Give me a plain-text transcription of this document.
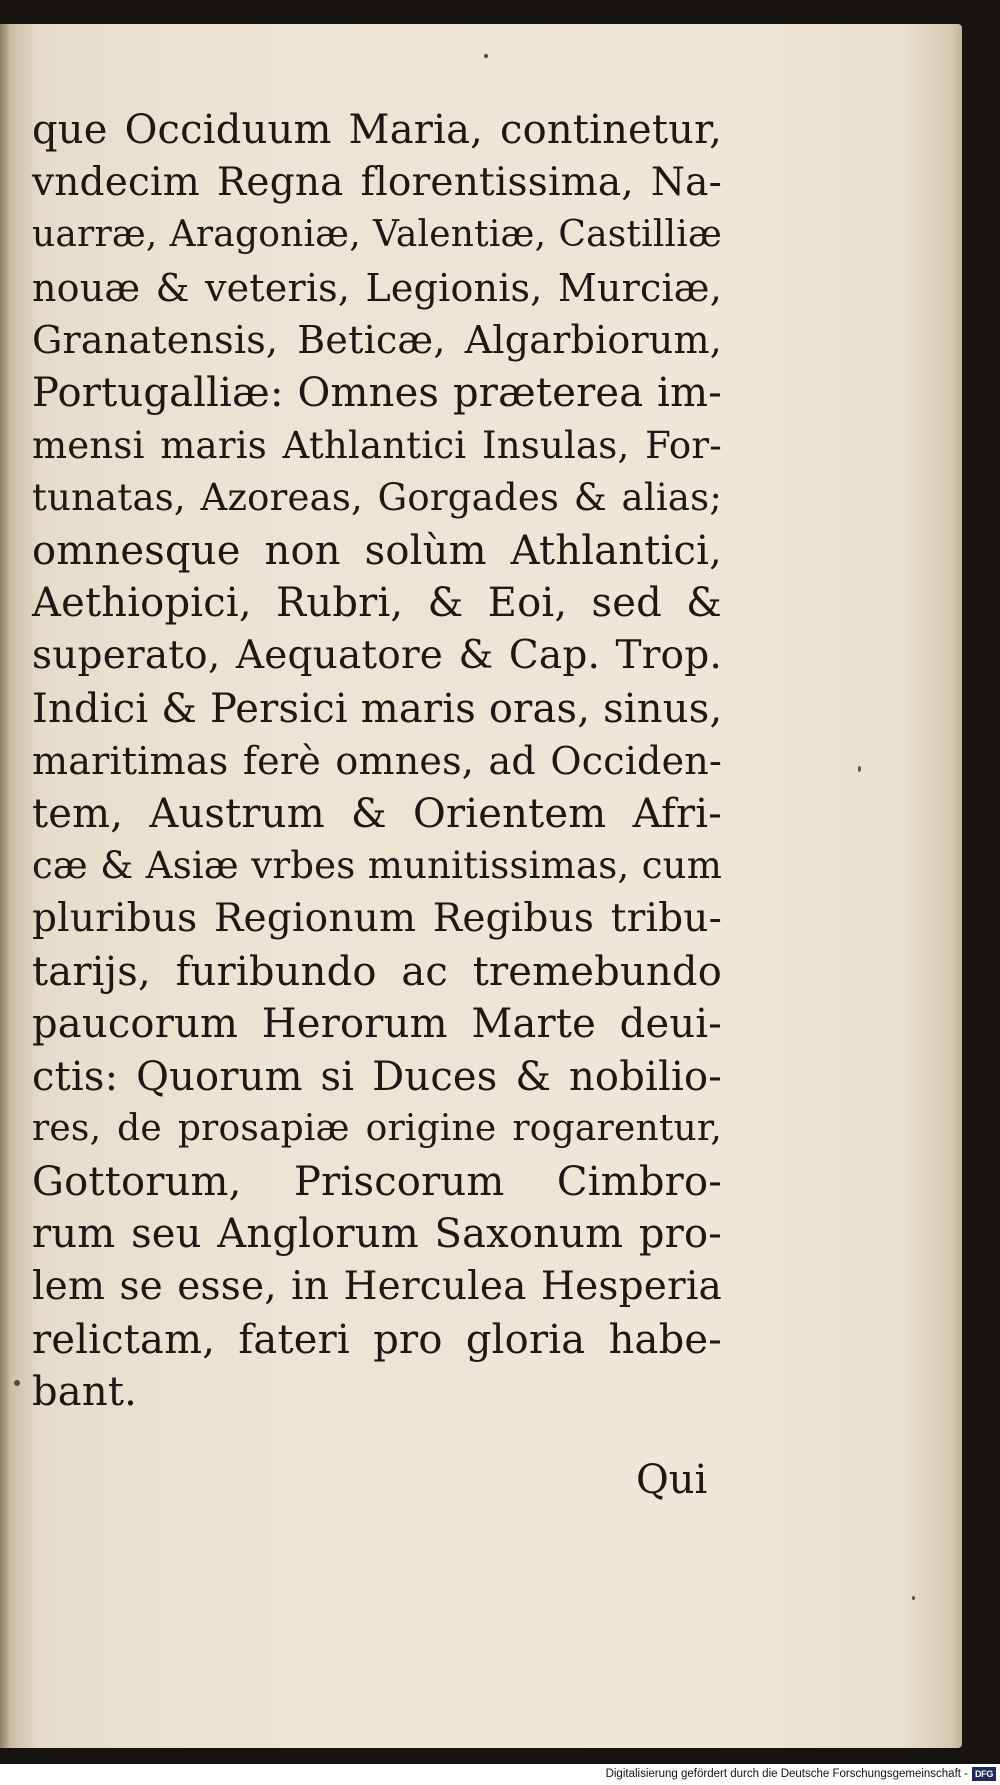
que Occiduum Maria, continetur,
vndecim Regna florentissima, Na-
uarræ, Aragoniæ, Valentiæ, Castilliæ
nouæ & veteris, Legionis, Murciæ,
Granatensis, Beticæ, Algarbiorum,
Portugalliæ: Omnes præterea im-
mensi maris Athlantici Insulas, For-
tunatas, Azoreas, Gorgades & alias;
omnesque non solùm Athlantici,
Aethiopici, Rubri, & Eoi, sed &
superato, Aequatore & Cap. Trop.
Indici & Persici maris oras, sinus,
maritimas ferè omnes, ad Occiden-
tem, Austrum & Orientem Afri-
cæ & Asiæ vrbes munitissimas, cum
pluribus Regionum Regibus tribu-
tarijs, furibundo ac tremebundo
paucorum Herorum Marte deui-
ctis: Quorum si Duces & nobilio-
res, de prosapiæ origine rogarentur,
Gottorum, Priscorum Cimbro-
rum seu Anglorum Saxonum pro-
lem se esse, in Herculea Hesperia
relictam, fateri pro gloria habe-
bant.
Qui
Digitalisierung gefördert durch die Deutsche Forschungsgemeinschaft - DFG
